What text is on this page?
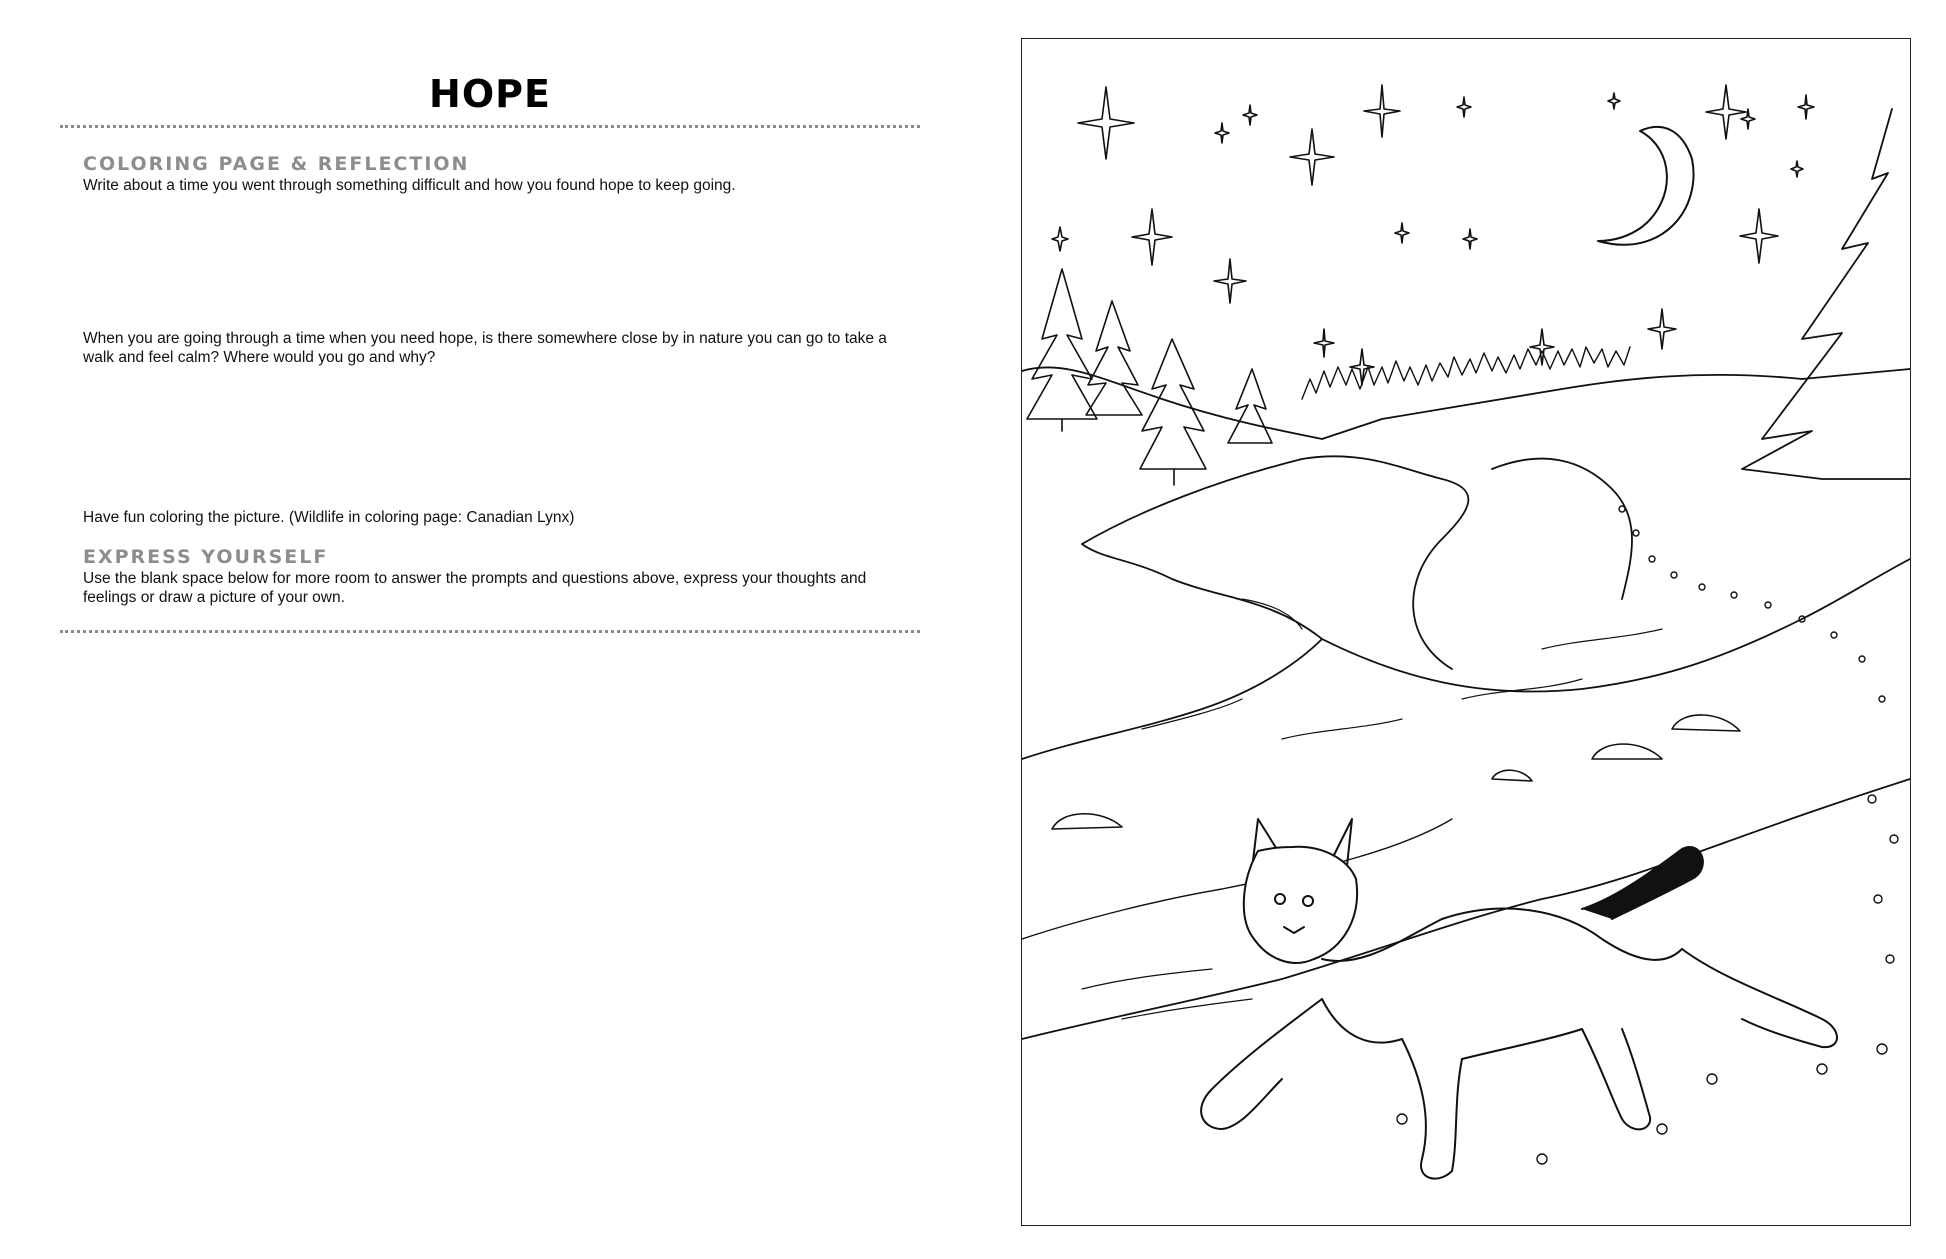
HOPE
COLORING PAGE & REFLECTION
Write about a time you went through something difficult and how you found hope to keep going.
When you are going through a time when you need hope, is there somewhere close by in nature you can go to take a walk and feel calm? Where would you go and why?
Have fun coloring the picture. (Wildlife in coloring page: Canadian Lynx)
EXPRESS YOURSELF
Use the blank space below for more room to answer the prompts and questions above, express your thoughts and feelings or draw a picture of your own.
